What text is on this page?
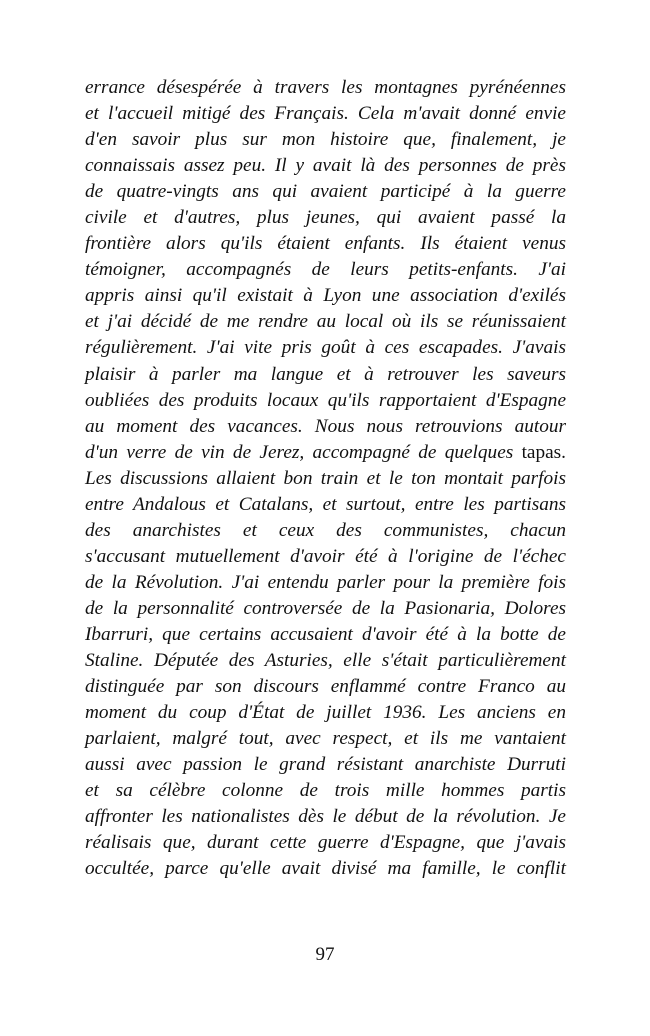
errance désespérée à travers les montagnes pyrénéennes
et l'accueil mitigé des Français. Cela m'avait donné envie
d'en savoir plus sur mon histoire que, finalement, je
connaissais assez peu. Il y avait là des personnes de près
de quatre-vingts ans qui avaient participé à la guerre
civile et d'autres, plus jeunes, qui avaient passé la
frontière alors qu'ils étaient enfants. Ils étaient venus
témoigner, accompagnés de leurs petits-enfants. J'ai
appris ainsi qu'il existait à Lyon une association d'exilés
et j'ai décidé de me rendre au local où ils se réunissaient
régulièrement. J'ai vite pris goût à ces escapades. J'avais
plaisir à parler ma langue et à retrouver les saveurs
oubliées des produits locaux qu'ils rapportaient d'Espagne
au moment des vacances. Nous nous retrouvions autour
d'un verre de vin de Jerez, accompagné de quelques tapas.
Les discussions allaient bon train et le ton montait parfois
entre Andalous et Catalans, et surtout, entre les partisans
des anarchistes et ceux des communistes, chacun
s'accusant mutuellement d'avoir été à l'origine de l'échec
de la Révolution. J'ai entendu parler pour la première fois
de la personnalité controversée de la Pasionaria, Dolores
Ibarruri, que certains accusaient d'avoir été à la botte de
Staline. Députée des Asturies, elle s'était particulièrement
distinguée par son discours enflammé contre Franco au
moment du coup d'État de juillet 1936. Les anciens en
parlaient, malgré tout, avec respect, et ils me vantaient
aussi avec passion le grand résistant anarchiste Durruti
et sa célèbre colonne de trois mille hommes partis
affronter les nationalistes dès le début de la révolution. Je
réalisais que, durant cette guerre d'Espagne, que j'avais
occultée, parce qu'elle avait divisé ma famille, le conflit
97
